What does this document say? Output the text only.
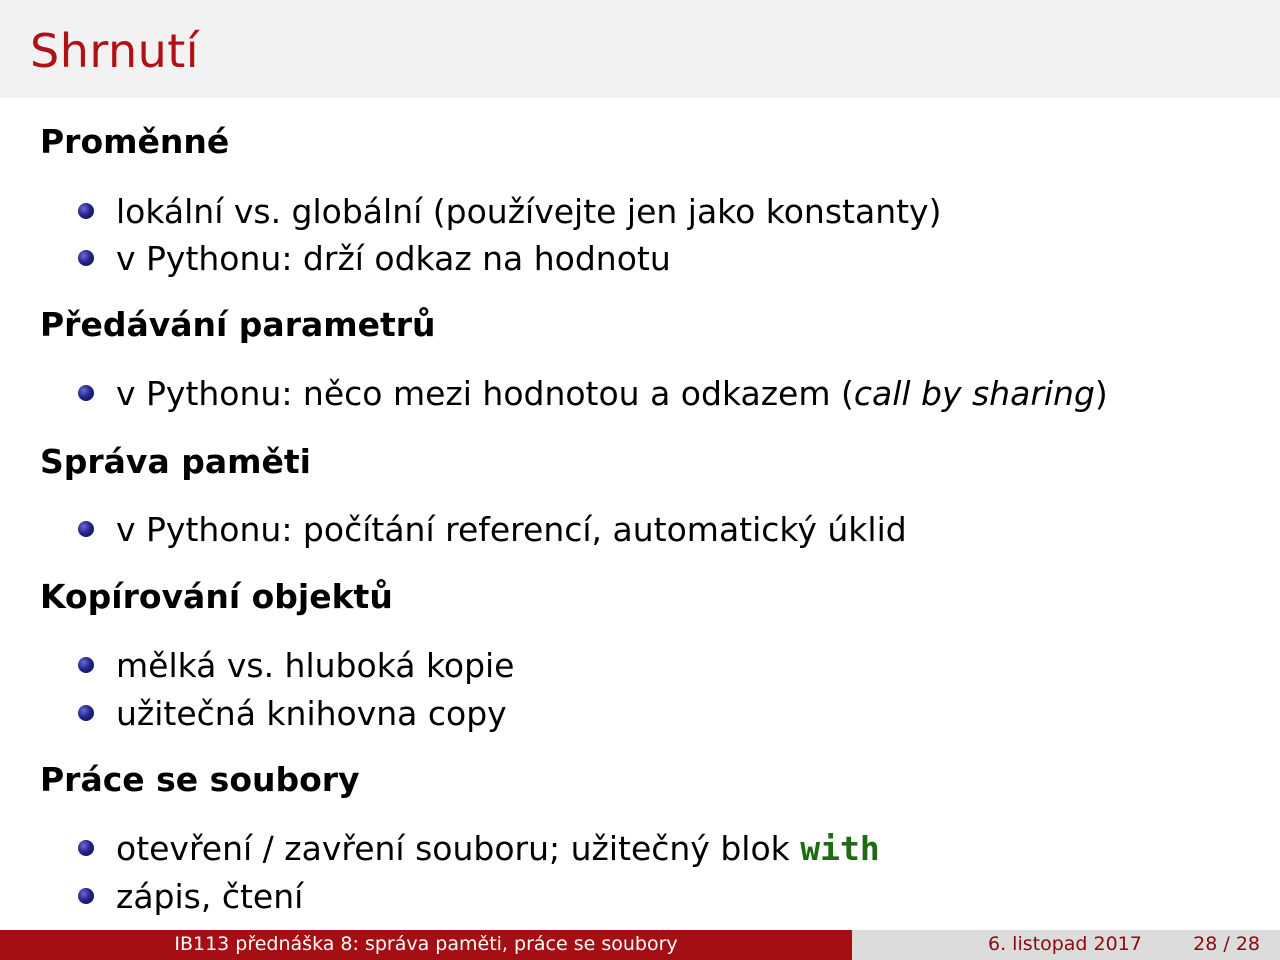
Shrnutí
Proměnné
lokální vs. globální (používejte jen jako konstanty)
v Pythonu: drží odkaz na hodnotu
Předávání parametrů
v Pythonu: něco mezi hodnotou a odkazem (call by sharing)
Správa paměti
v Pythonu: počítání referencí, automatický úklid
Kopírování objektů
mělká vs. hluboká kopie
užitečná knihovna copy
Práce se soubory
otevření / zavření souboru; užitečný blok with
zápis, čtení
IB113 přednáška 8: správa paměti, práce se soubory	6. listopad 2017	28 / 28
